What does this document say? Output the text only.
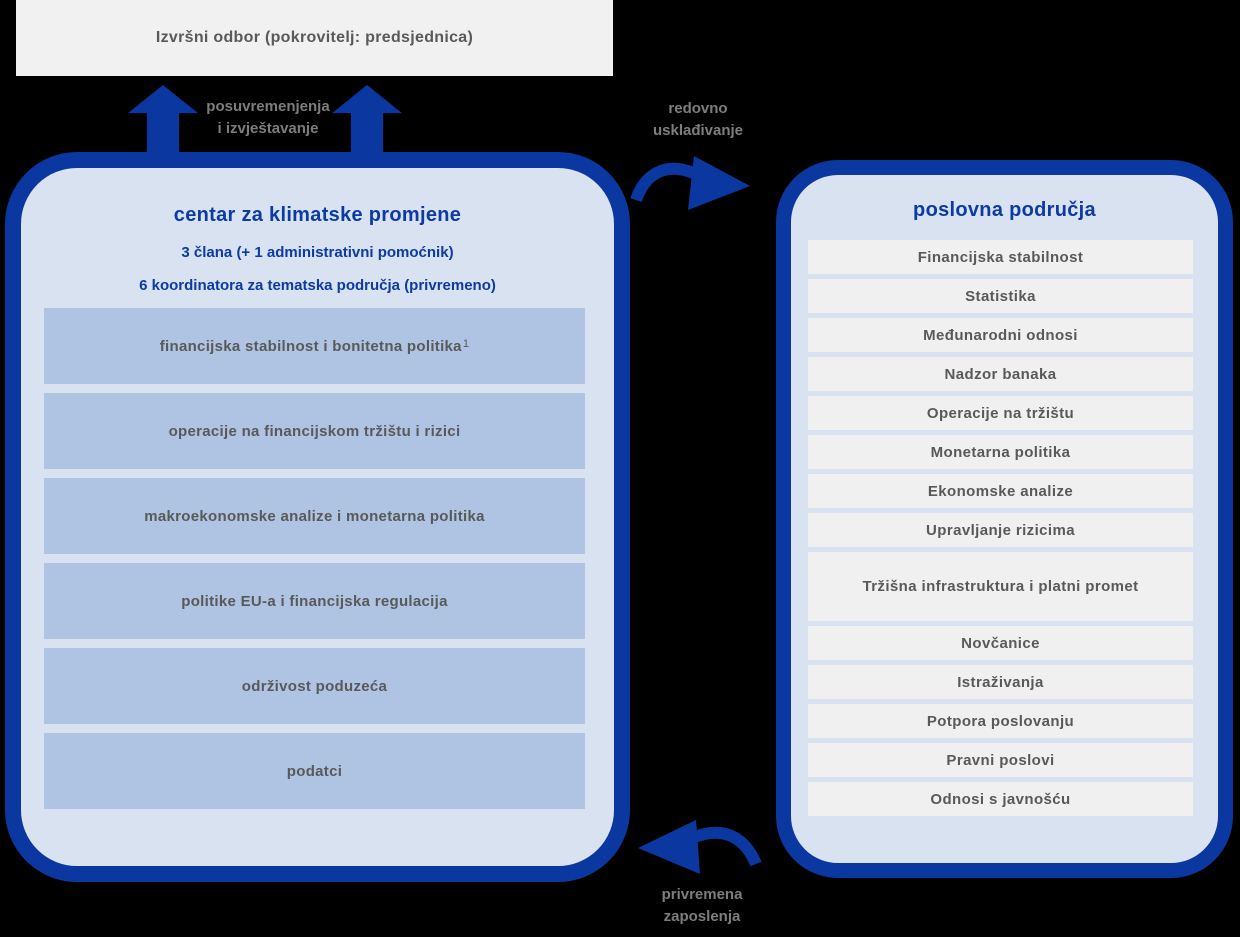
Izvršni odbor (pokrovitelj: predsjednica)
posuvremenjenja
i izvještavanje
redovno
usklađivanje
centar za klimatske promjene
3 člana (+ 1 administrativni pomoćnik)
6 koordinatora za tematska područja (privremeno)
financijska stabilnost i bonitetna politika$^1$
operacije na financijskom tržištu i rizici
makroekonomske analize i monetarna politika
politike EU-a i financijska regulacija
održivost poduzeća
podatci
poslovna područja
Financijska stabilnost
Statistika
Međunarodni odnosi
Nadzor banaka
Operacije na tržištu
Monetarna politika
Ekonomske analize
Upravljanje rizicima
Tržišna infrastruktura i platni promet
Novčanice
Istraživanja
Potpora poslovanju
Pravni poslovi
Odnosi s javnošću
privremena
zaposlenja
